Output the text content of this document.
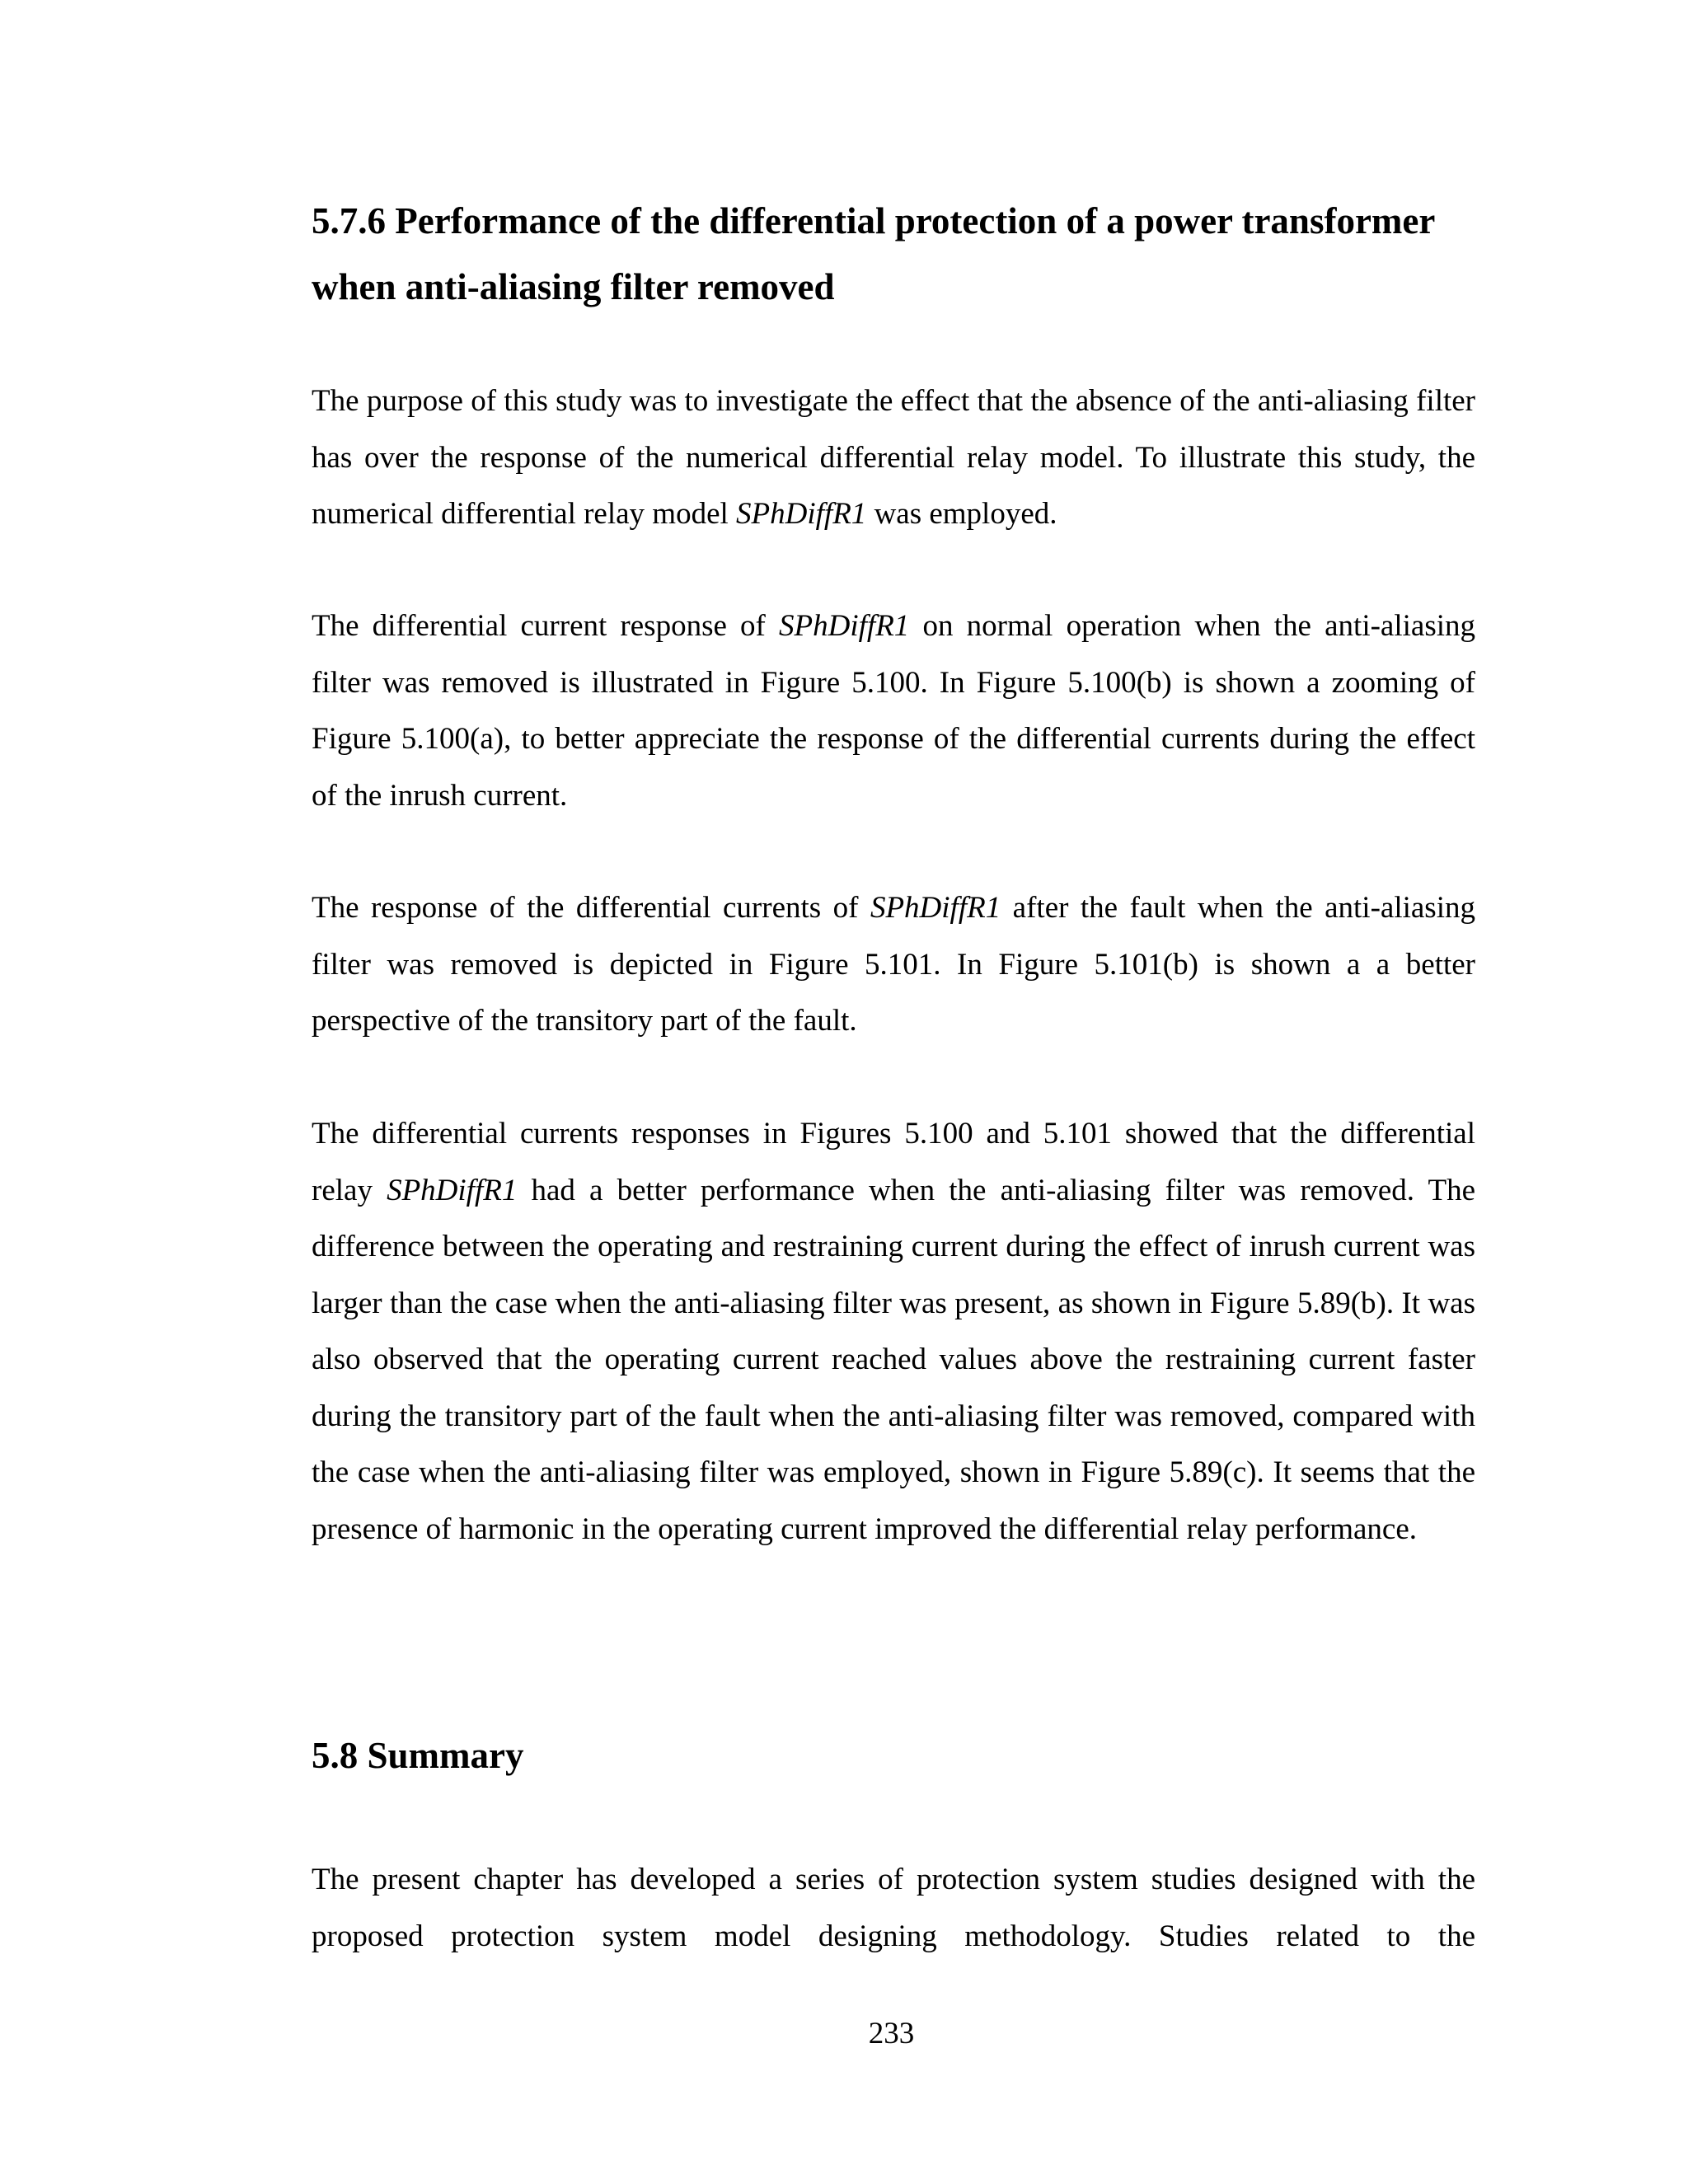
5.7.6 Performance of the differential protection of a power transformer when anti-aliasing filter removed

The purpose of this study was to investigate the effect that the absence of the anti-aliasing filter has over the response of the numerical differential relay model. To illustrate this study, the numerical differential relay model SPhDiffR1 was employed.

The differential current response of SPhDiffR1 on normal operation when the anti-aliasing filter was removed is illustrated in Figure 5.100. In Figure 5.100(b) is shown a zooming of Figure 5.100(a), to better appreciate the response of the differential currents during the effect of the inrush current.

The response of the differential currents of SPhDiffR1 after the fault when the anti-aliasing filter was removed is depicted in Figure 5.101. In Figure 5.101(b) is shown a a better perspective of the transitory part of the fault.

The differential currents responses in Figures 5.100 and 5.101 showed that the differential relay SPhDiffR1 had a better performance when the anti-aliasing filter was removed. The difference between the operating and restraining current during the effect of inrush current was larger than the case when the anti-aliasing filter was present, as shown in Figure 5.89(b). It was also observed that the operating current reached values above the restraining current faster during the transitory part of the fault when the anti-aliasing filter was removed, compared with the case when the anti-aliasing filter was employed, shown in Figure 5.89(c). It seems that the presence of harmonic in the operating current improved the differential relay performance.

5.8 Summary

The present chapter has developed a series of protection system studies designed with the proposed protection system model designing methodology. Studies related to the

233
